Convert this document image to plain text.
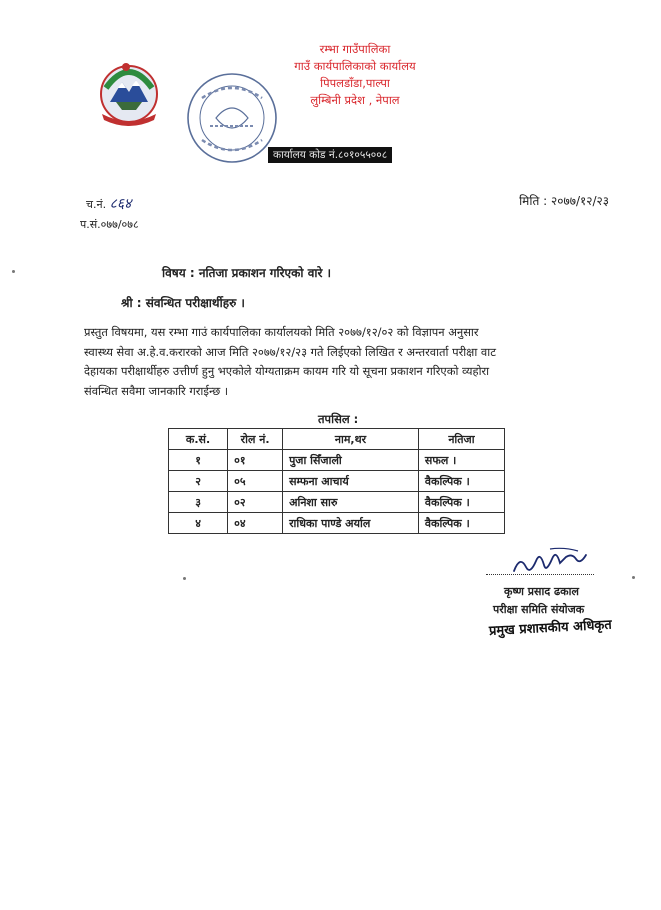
रम्भा गाउँपालिका
गाउँ कार्यपालिकाको कार्यालय
पिपलडाँडा,पाल्पा
लुम्बिनी प्रदेश , नेपाल
कार्यालय कोड नं.८०१०५५००८
च.नं. ८६४
प.सं.०७७/०७८
मिति : २०७७/१२/२३
विषय : नतिजा प्रकाशन गरिएको वारे ।
श्री : संवन्धित परीक्षार्थीहरु ।
प्रस्तुत विषयमा, यस रम्भा गाउं कार्यपालिका कार्यालयको मिति २०७७/१२/०२ को विज्ञापन अनुसार
स्वास्थ्य सेवा अ.हे.व.करारको आज मिति २०७७/१२/२३ गते लिईएको लिखित र अन्तरवार्ता परीक्षा वाट
देहायका परीक्षार्थीहरु उत्तीर्ण हुनु भएकोले योग्यताक्रम कायम गरि यो सूचना प्रकाशन गरिएको व्यहोरा
संवन्धित सवैमा जानकारि गराईन्छ ।
तपसिल :
क.सं.	रोल नं.	नाम,थर	नतिजा
१	०१	पुजा सिँजाली	सफल ।
२	०५	सम्फना आचार्य	वैकल्पिक ।
३	०२	अनिशा सारु	वैकल्पिक ।
४	०४	राधिका पाण्डे अर्याल	वैकल्पिक ।
कृष्ण प्रसाद ढकाल
परीक्षा समिति संयोजक
प्रमुख प्रशासकीय अधिकृत
